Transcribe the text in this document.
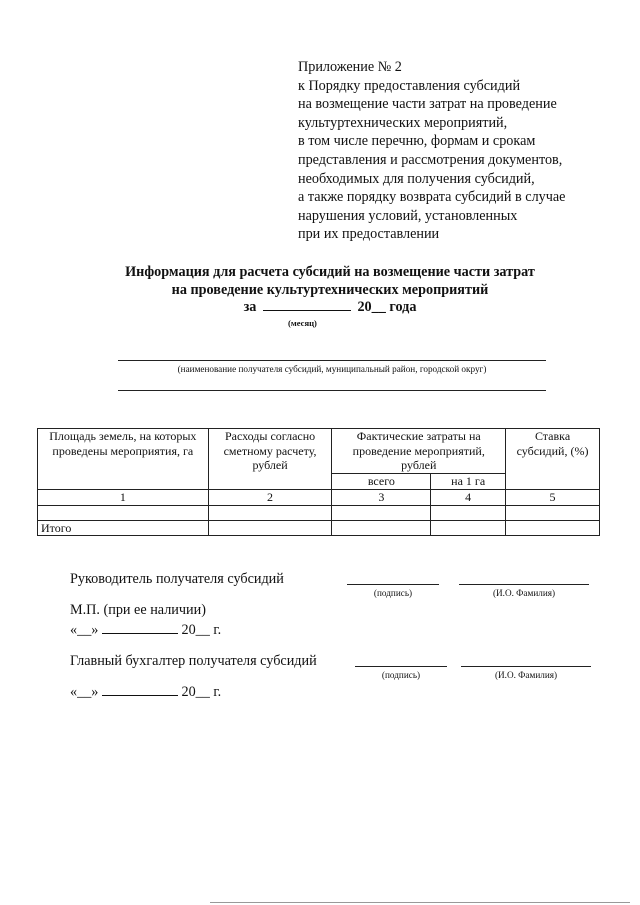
Приложение № 2
к Порядку предоставления субсидий
на возмещение части затрат на проведение
культуртехнических мероприятий,
в том числе перечню, формам и срокам
представления и рассмотрения документов,
необходимых для получения субсидий,
а также порядку возврата субсидий в случае
нарушения условий, установленных
при их предоставлении
Информация для расчета субсидий на возмещение части затрат
на проведение культуртехнических мероприятий
за	20__ года
(месяц)
(наименование получателя субсидий, муниципальный район, городской округ)
Площадь земель, на которых проведены мероприятия, га	Расходы согласно сметному расчету, рублей	Фактические затраты на проведение мероприятий, рублей		Ставка субсидий, (%)
		всего	на 1 га	
1	2	3	4	5

Итого				
Руководитель получателя субсидий
(подпись)	(И.О. Фамилия)
М.П. (при ее наличии)
«__»	20__ г.
Главный бухгалтер получателя субсидий
(подпись)	(И.О. Фамилия)
«__»	20__ г.
